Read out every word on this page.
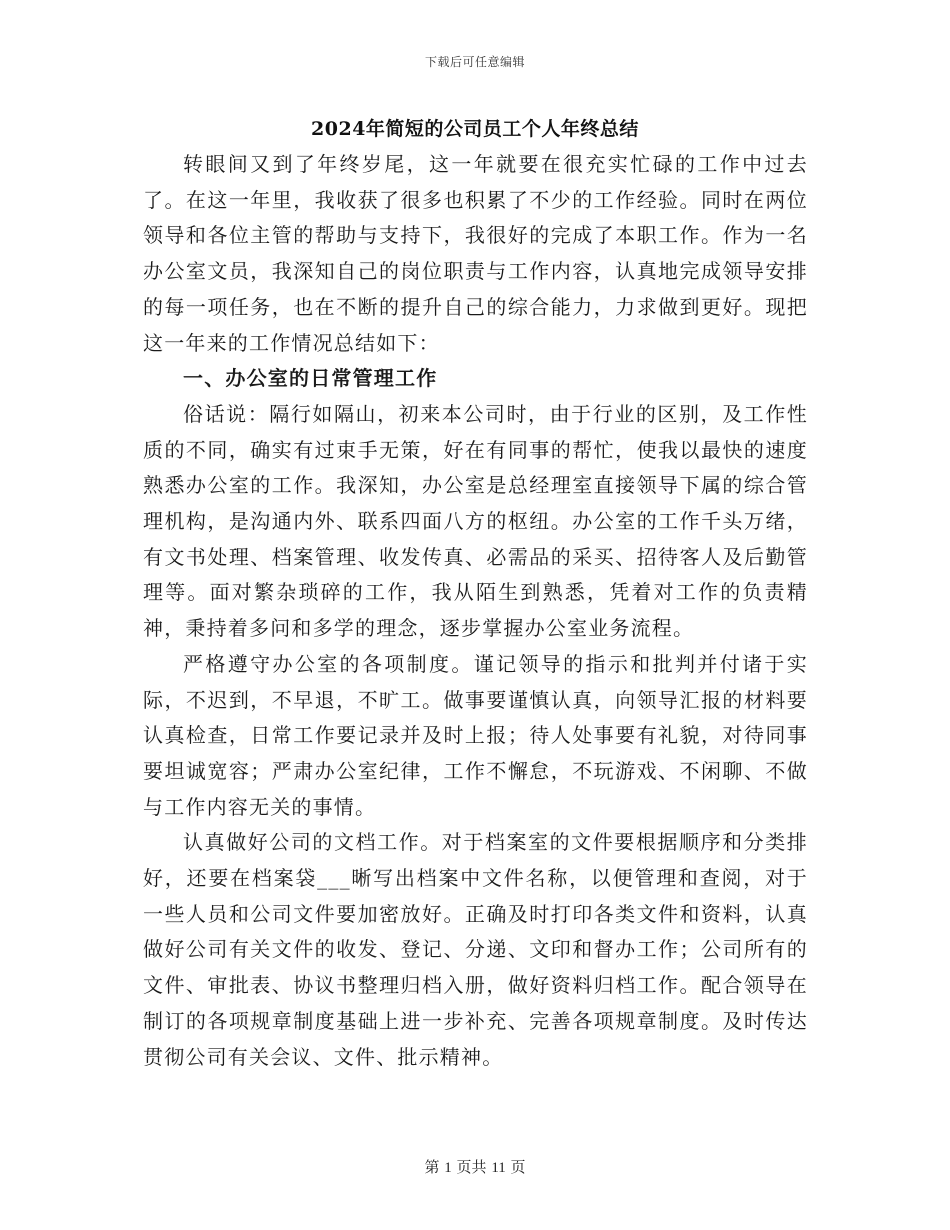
下载后可任意编辑
2024年简短的公司员工个人年终总结

转眼间又到了年终岁尾，这一年就要在很充实忙碌的工作中过去了。在这一年里，我收获了很多也积累了不少的工作经验。同时在两位领导和各位主管的帮助与支持下，我很好的完成了本职工作。作为一名办公室文员，我深知自己的岗位职责与工作内容，认真地完成领导安排的每一项任务，也在不断的提升自己的综合能力，力求做到更好。现把这一年来的工作情况总结如下：

一、办公室的日常管理工作

俗话说：隔行如隔山，初来本公司时，由于行业的区别，及工作性质的不同，确实有过束手无策，好在有同事的帮忙，使我以最快的速度熟悉办公室的工作。我深知，办公室是总经理室直接领导下属的综合管理机构，是沟通内外、联系四面八方的枢纽。办公室的工作千头万绪，有文书处理、档案管理、收发传真、必需品的采买、招待客人及后勤管理等。面对繁杂琐碎的工作，我从陌生到熟悉，凭着对工作的负责精神，秉持着多问和多学的理念，逐步掌握办公室业务流程。

严格遵守办公室的各项制度。谨记领导的指示和批判并付诸于实际，不迟到，不早退，不旷工。做事要谨慎认真，向领导汇报的材料要认真检查，日常工作要记录并及时上报；待人处事要有礼貌，对待同事要坦诚宽容；严肃办公室纪律，工作不懈怠，不玩游戏、不闲聊、不做与工作内容无关的事情。

认真做好公司的文档工作。对于档案室的文件要根据顺序和分类排好，还要在档案袋___晰写出档案中文件名称，以便管理和查阅，对于一些人员和公司文件要加密放好。正确及时打印各类文件和资料，认真做好公司有关文件的收发、登记、分递、文印和督办工作；公司所有的文件、审批表、协议书整理归档入册，做好资料归档工作。配合领导在制订的各项规章制度基础上进一步补充、完善各项规章制度。及时传达贯彻公司有关会议、文件、批示精神。

第 1 页共 11 页
